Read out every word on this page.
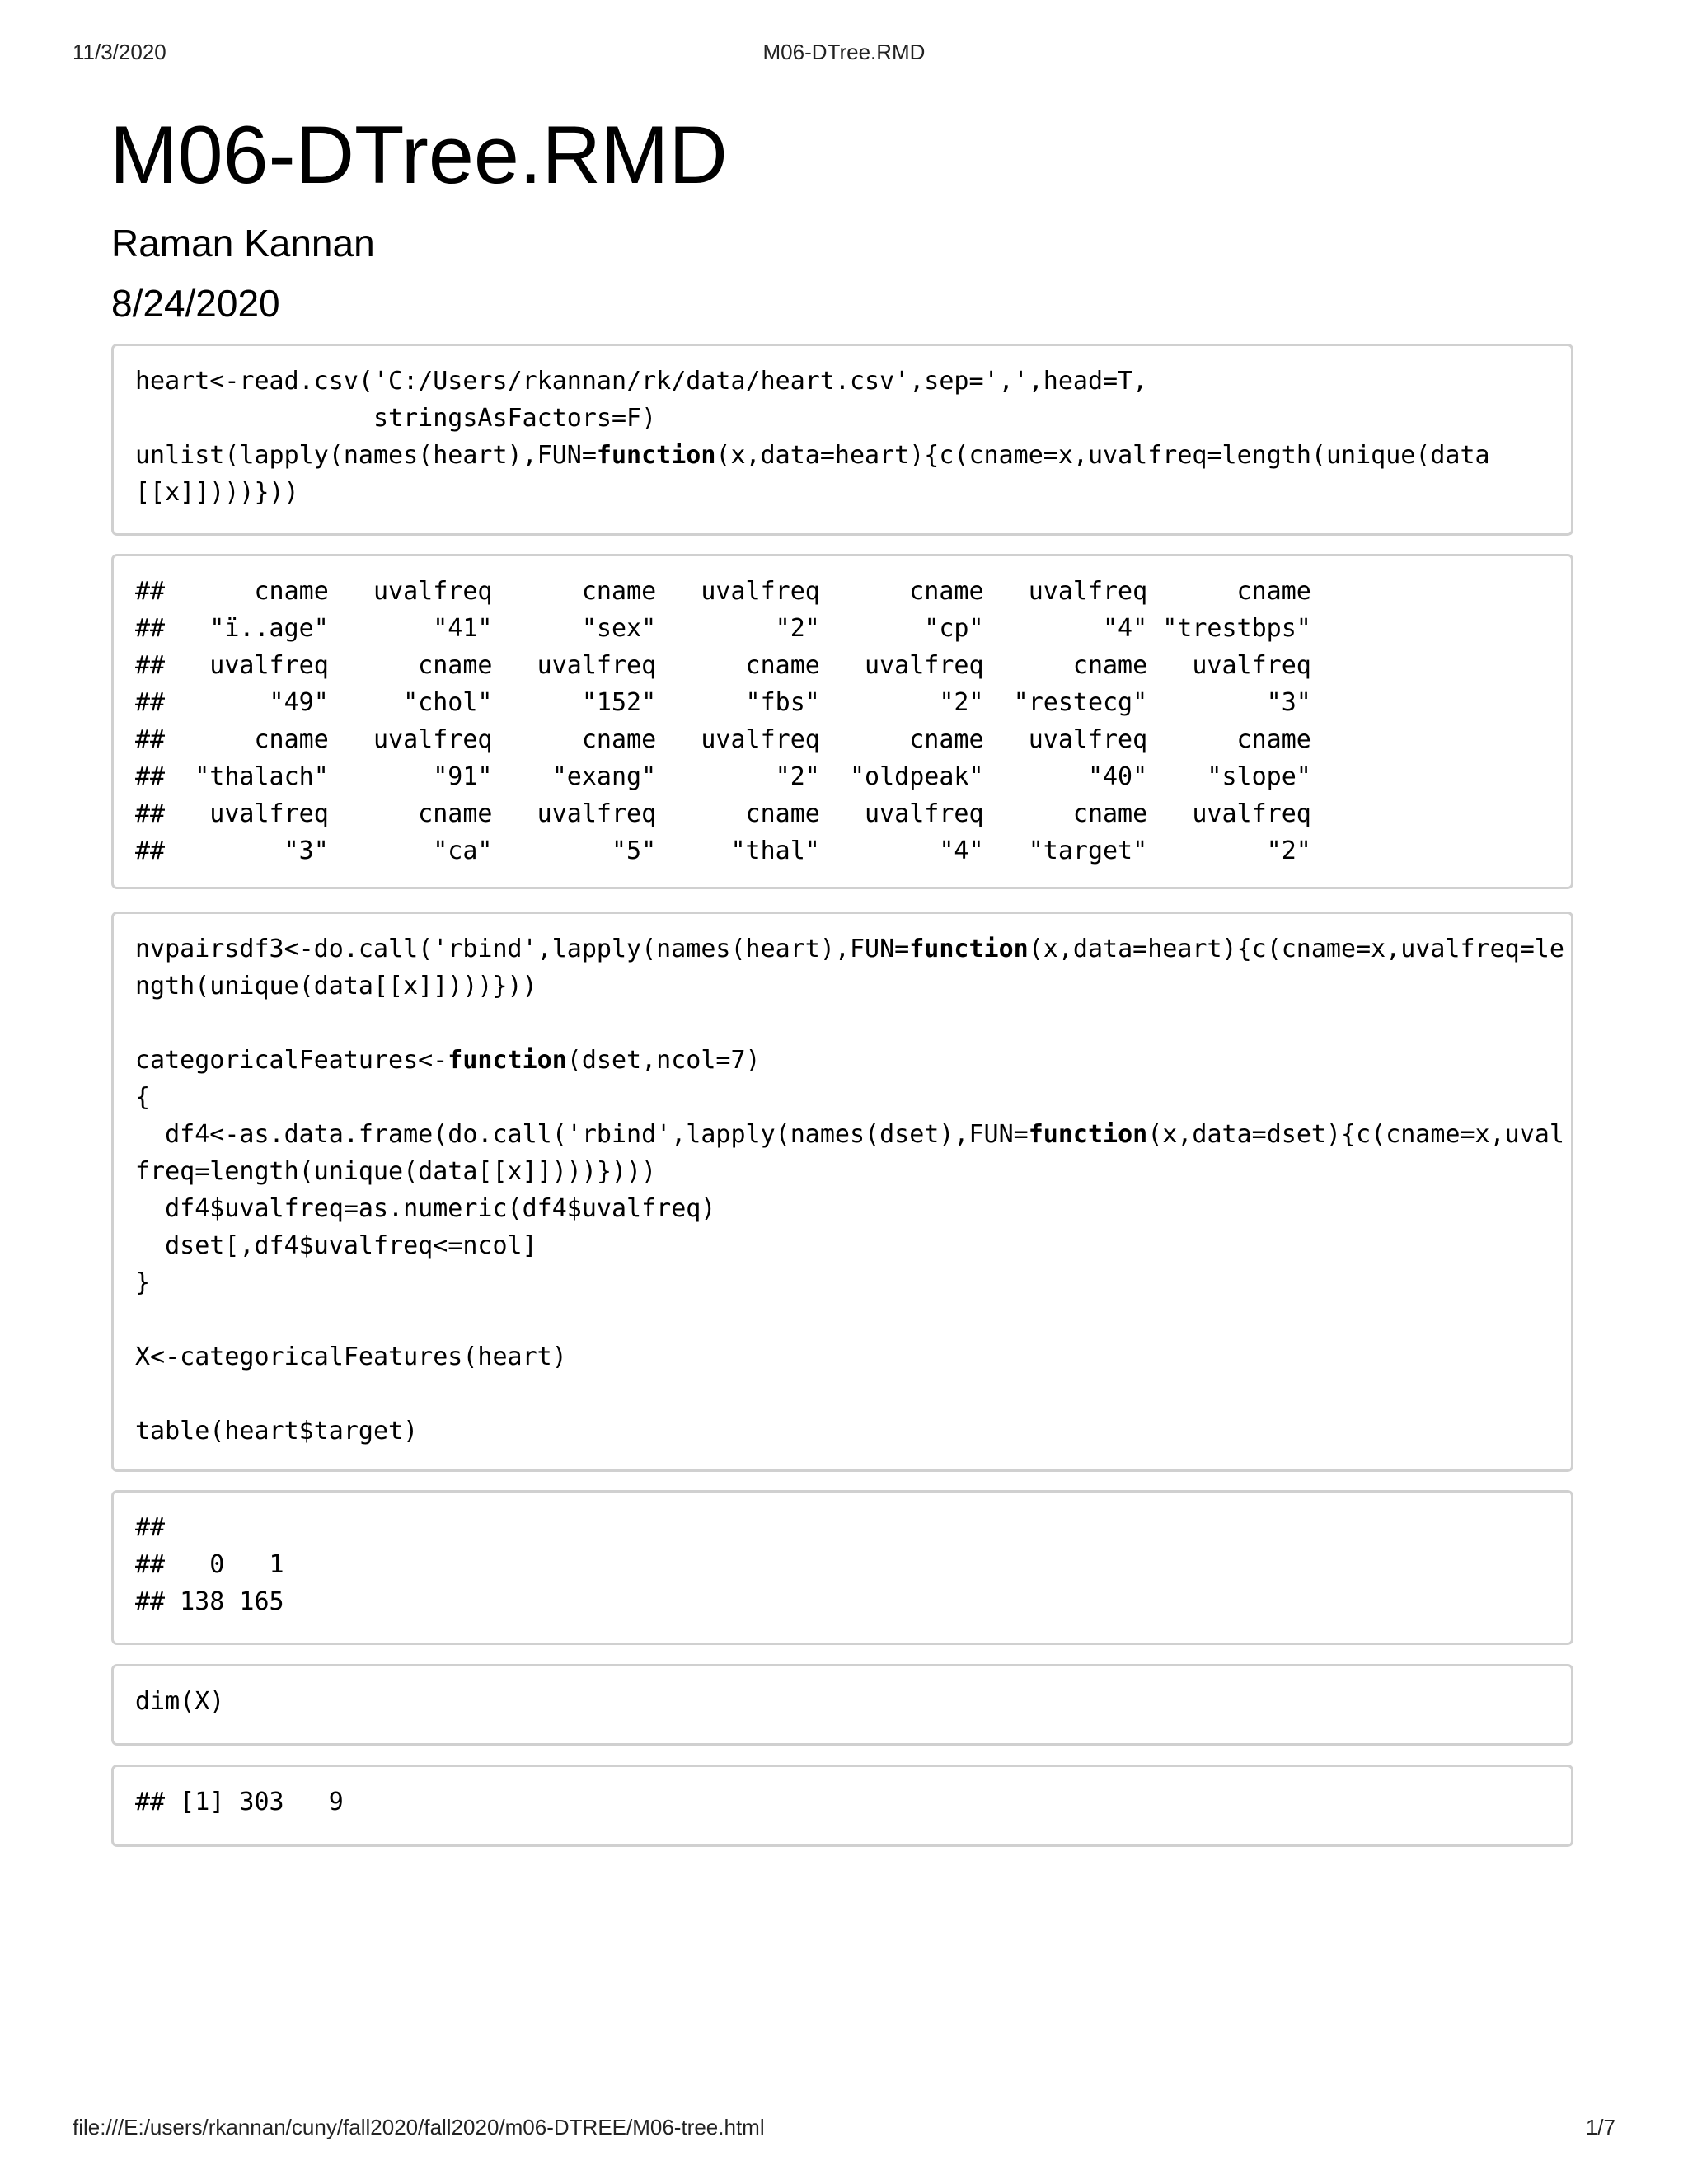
11/3/2020	M06-DTree.RMD
M06-DTree.RMD
Raman Kannan
8/24/2020
heart<-read.csv('C:/Users/rkannan/rk/data/heart.csv',sep=',',head=T,
stringsAsFactors=F)
unlist(lapply(names(heart),FUN=function(x,data=heart){c(cname=x,uvalfreq=length(unique(data
[[x]])))}))
##      cname   uvalfreq      cname   uvalfreq      cname   uvalfreq      cname
##   "ï..age"       "41"      "sex"        "2"       "cp"        "4" "trestbps"
##   uvalfreq      cname   uvalfreq      cname   uvalfreq      cname   uvalfreq
##       "49"     "chol"      "152"      "fbs"        "2"  "restecg"        "3"
##      cname   uvalfreq      cname   uvalfreq      cname   uvalfreq      cname
##  "thalach"       "91"    "exang"        "2"  "oldpeak"       "40"    "slope"
##   uvalfreq      cname   uvalfreq      cname   uvalfreq      cname   uvalfreq
##        "3"       "ca"        "5"     "thal"        "4"   "target"        "2"
nvpairsdf3<-do.call('rbind',lapply(names(heart),FUN=function(x,data=heart){c(cname=x,uvalfreq=le
ngth(unique(data[[x]])))}))
categoricalFeatures<-function(dset,ncol=7)
{
df4<-as.data.frame(do.call('rbind',lapply(names(dset),FUN=function(x,data=dset){c(cname=x,uval
freq=length(unique(data[[x]])))})))
df4$uvalfreq=as.numeric(df4$uvalfreq)
dset[,df4$uvalfreq<=ncol]
}
X<-categoricalFeatures(heart)
table(heart$target)
##
##   0   1
## 138 165
dim(X)
## [1] 303   9
file:///E:/users/rkannan/cuny/fall2020/fall2020/m06-DTREE/M06-tree.html	1/7
